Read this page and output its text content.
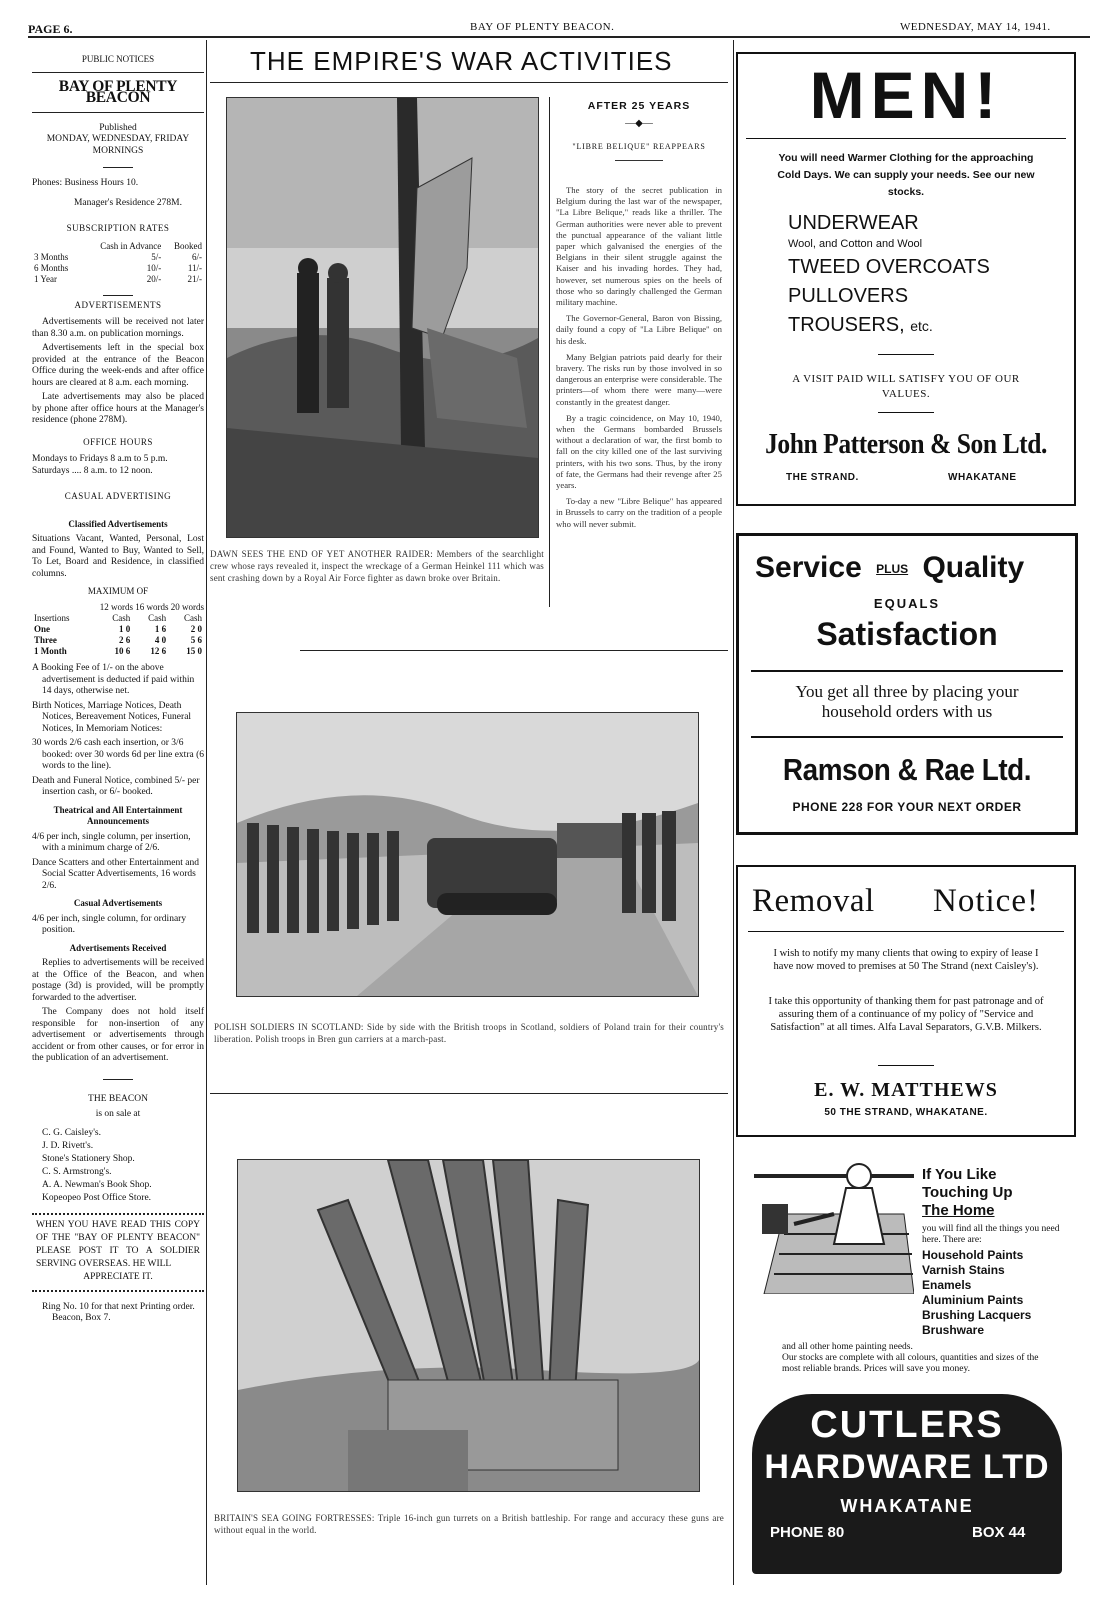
PAGE 6.	BAY OF PLENTY BEACON.	WEDNESDAY, MAY 14, 1941.
PUBLIC NOTICES
BAY OF PLENTY BEACON
Published
MONDAY, WEDNESDAY, FRIDAY MORNINGS
Phones: Business Hours 10.
Manager's Residence 278M.
SUBSCRIPTION RATES
	Cash in Advance		Booked
3 Months		5/-	6/-
6 Months		10/-	11/-
1 Year		20/-	21/-
ADVERTISEMENTS

Advertisements will be received not later than 8.30 a.m. on publication mornings.

Advertisements left in the special box provided at the entrance of the Beacon Office during the week-ends and after office hours are cleared at 8 a.m. each morning.

Late advertisements may also be placed by phone after office hours at the Manager's residence (phone 278M).

OFFICE HOURS
Mondays to Fridays 8 a.m to 5 p.m.
Saturdays .... 8 a.m. to 12 noon.
CASUAL ADVERTISING
Classified Advertisements

Situations Vacant, Wanted, Personal, Lost and Found, Wanted to Buy, Wanted to Sell, To Let, Board and Residence, in classified columns.

MAXIMUM OF
12 words 16 words 20 words
Insertions	Cash	Cash	Cash
One	1 0	1 6	2 0
Three	2 6	4 0	5 6
1 Month	10 6	12 6	15 0

A Booking Fee of 1/- on the above advertisement is deducted if paid within 14 days, otherwise net.

Birth Notices, Marriage Notices, Death Notices, Bereavement Notices, Funeral Notices, In Memoriam Notices:

30 words 2/6 cash each insertion, or 3/6 booked: over 30 words 6d per line extra (6 words to the line).

Death and Funeral Notice, combined 5/- per insertion cash, or 6/- booked.

Theatrical and All Entertainment Announcements

4/6 per inch, single column, per insertion, with a minimum charge of 2/6.

Dance Scatters and other Entertainment and Social Scatter Advertisements, 16 words 2/6.

Casual Advertisements

4/6 per inch, single column, for ordinary position.

Advertisements Received

Replies to advertisements will be received at the Office of the Beacon, and when postage (3d) is provided, will be promptly forwarded to the advertiser.

The Company does not hold itself responsible for non-insertion of any advertisement or advertisements through accident or from other causes, or for error in the publication of an advertisement.

THE BEACON
is on sale at
C. G. Caisley's.
J. D. Rivett's.
Stone's Stationery Shop.
C. S. Armstrong's.
A. A. Newman's Book Shop.
Kopeopeo Post Office Store.
WHEN YOU HAVE READ THIS COPY OF THE "BAY OF PLENTY BEACON" PLEASE POST IT TO A SOLDIER SERVING OVERSEAS. HE WILL
APPRECIATE IT.
Ring No. 10 for that next Printing order. Beacon, Box 7.
THE EMPIRE'S WAR ACTIVITIES
DAWN SEES THE END OF YET ANOTHER RAIDER: Members of the searchlight crew whose rays revealed it, inspect the wreckage of a German Heinkel 111 which was sent crashing down by a Royal Air Force fighter as dawn broke over Britain.
AFTER 25 YEARS
—◆—
"LIBRE BELIQUE" REAPPEARS

The story of the secret publication in Belgium during the last war of the newspaper, "La Libre Belique," reads like a thriller. The German authorities were never able to prevent the punctual appearance of the valiant little paper which galvanised the energies of the Belgians in their silent struggle against the Kaiser and his invading hordes. They had, however, set numerous spies on the heels of those who so daringly challenged the German military machine.

The Governor-General, Baron von Bissing, daily found a copy of "La Libre Belique" on his desk.

Many Belgian patriots paid dearly for their bravery. The risks run by those involved in so dangerous an enterprise were considerable. The printers—of whom there were many—were constantly in the greatest danger.

By a tragic coincidence, on May 10, 1940, when the Germans bombarded Brussels without a declaration of war, the first bomb to fall on the city killed one of the last surviving printers, with his two sons. Thus, by the irony of fate, the Germans had their revenge after 25 years.

To-day a new "Libre Belique" has appeared in Brussels to carry on the tradition of a people who will never submit.

POLISH SOLDIERS IN SCOTLAND: Side by side with the British troops in Scotland, soldiers of Poland train for their country's liberation. Polish troops in Bren gun carriers at a march-past.
BRITAIN'S SEA GOING FORTRESSES: Triple 16-inch gun turrets on a British battleship. For range and accuracy these guns are without equal in the world.
MEN!
You will need Warmer Clothing for the approaching Cold Days. We can supply your needs. See our new stocks.
UNDERWEAR
Wool, and Cotton and Wool
TWEED OVERCOATS
PULLOVERS
TROUSERS, etc.
A VISIT PAID WILL SATISFY YOU OF OUR VALUES.
John Patterson & Son Ltd.
THE STRAND.	WHAKATANE
Service PLUS Quality
EQUALS
Satisfaction
You get all three by placing your household orders with us
Ramson & Rae Ltd.
PHONE 228 FOR YOUR NEXT ORDER
Removal Notice!
I wish to notify my many clients that owing to expiry of lease I have now moved to premises at 50 The Strand (next Caisley's).
I take this opportunity of thanking them for past patronage and of assuring them of a continuance of my policy of "Service and Satisfaction" at all times. Alfa Laval Separators, G.V.B. Milkers.
E. W. MATTHEWS
50 THE STRAND, WHAKATANE.
If You Like
Touching Up
The Home
you will find all the things you need here. There are:
Household Paints
Varnish Stains
Enamels
Aluminium Paints
Brushing Lacquers
Brushware
and all other home painting needs.
Our stocks are complete with all colours, quantities and sizes of the most reliable brands. Prices will save you money.
CUTLERS
HARDWARE LTD
WHAKATANE
PHONE 80	BOX 44
